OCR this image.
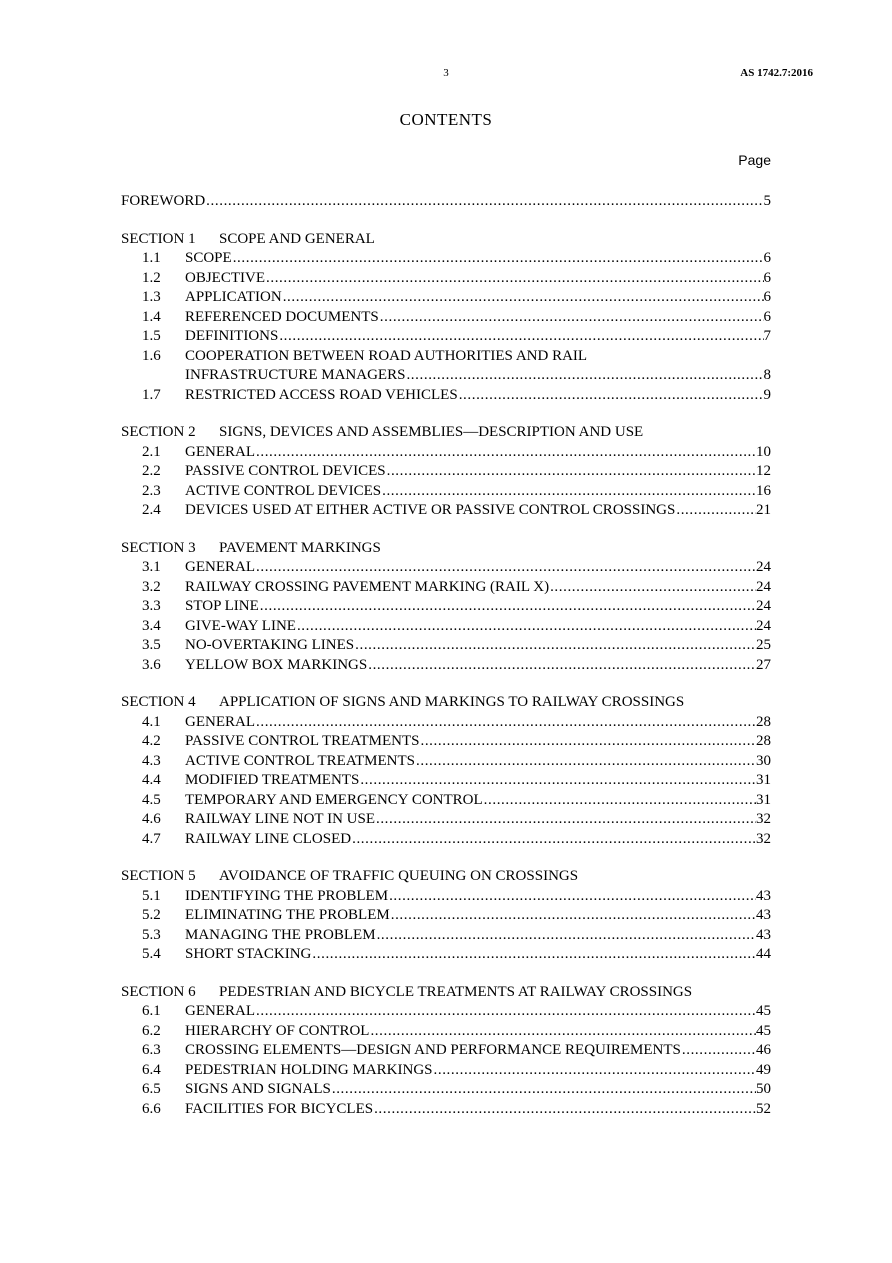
3	AS 1742.7:2016
CONTENTS
Page
FOREWORD .....	5
SECTION 1 SCOPE AND GENERAL
1.1	SCOPE .....	6
1.2	OBJECTIVE .....	6
1.3	APPLICATION .....	6
1.4	REFERENCED DOCUMENTS .....	6
1.5	DEFINITIONS .....	7
1.6	COOPERATION BETWEEN ROAD AUTHORITIES AND RAIL
INFRASTRUCTURE MANAGERS .....	8
1.7	RESTRICTED ACCESS ROAD VEHICLES .....	9
SECTION 2 SIGNS, DEVICES AND ASSEMBLIES—DESCRIPTION AND USE
2.1	GENERAL .....	10
2.2	PASSIVE CONTROL DEVICES .....	12
2.3	ACTIVE CONTROL DEVICES .....	16
2.4	DEVICES USED AT EITHER ACTIVE OR PASSIVE CONTROL CROSSINGS .....	21
SECTION 3 PAVEMENT MARKINGS
3.1	GENERAL .....	24
3.2	RAILWAY CROSSING PAVEMENT MARKING (RAIL X) .....	24
3.3	STOP LINE .....	24
3.4	GIVE-WAY LINE .....	24
3.5	NO-OVERTAKING LINES .....	25
3.6	YELLOW BOX MARKINGS .....	27
SECTION 4 APPLICATION OF SIGNS AND MARKINGS TO RAILWAY CROSSINGS
4.1	GENERAL .....	28
4.2	PASSIVE CONTROL TREATMENTS .....	28
4.3	ACTIVE CONTROL TREATMENTS .....	30
4.4	MODIFIED TREATMENTS .....	31
4.5	TEMPORARY AND EMERGENCY CONTROL .....	31
4.6	RAILWAY LINE NOT IN USE .....	32
4.7	RAILWAY LINE CLOSED .....	32
SECTION 5 AVOIDANCE OF TRAFFIC QUEUING ON CROSSINGS
5.1	IDENTIFYING THE PROBLEM .....	43
5.2	ELIMINATING THE PROBLEM .....	43
5.3	MANAGING THE PROBLEM .....	43
5.4	SHORT STACKING .....	44
SECTION 6 PEDESTRIAN AND BICYCLE TREATMENTS AT RAILWAY CROSSINGS
6.1	GENERAL .....	45
6.2	HIERARCHY OF CONTROL .....	45
6.3	CROSSING ELEMENTS—DESIGN AND PERFORMANCE REQUIREMENTS .....	46
6.4	PEDESTRIAN HOLDING MARKINGS .....	49
6.5	SIGNS AND SIGNALS .....	50
6.6	FACILITIES FOR BICYCLES .....	52
